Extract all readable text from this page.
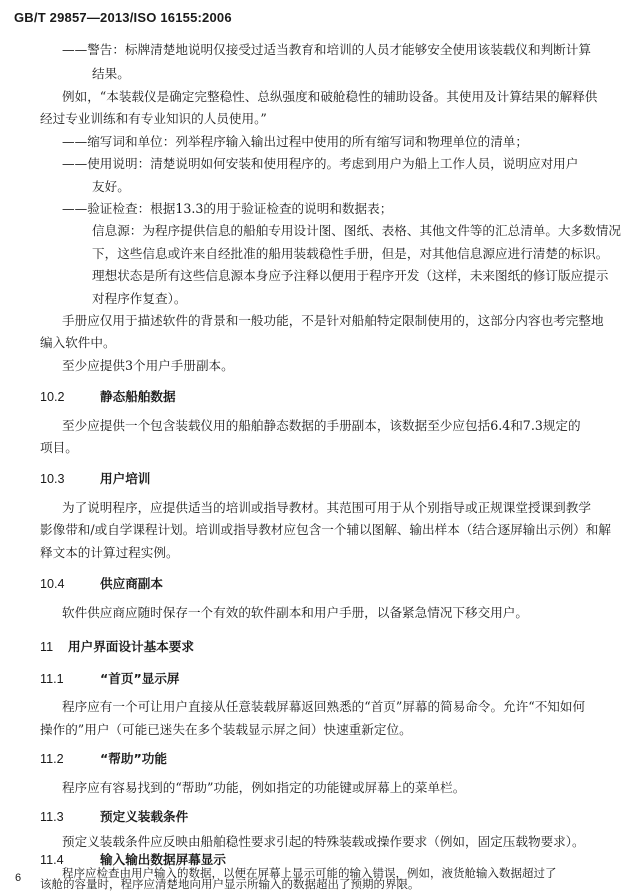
GB/T 29857—2013/ISO 16155:2006
——警告：标牌清楚地说明仅接受过适当教育和培训的人员才能够安全使用该装载仪和判断计算
结果。
例如，“本装载仪是确定完整稳性、总纵强度和破舱稳性的辅助设备。其使用及计算结果的解释供
经过专业训练和有专业知识的人员使用。”
——缩写词和单位：列举程序输入输出过程中使用的所有缩写词和物理单位的清单；
——使用说明：清楚说明如何安装和使用程序的。考虑到用户为船上工作人员，说明应对用户
友好。
——验证检查：根据13.3的用于验证检查的说明和数据表；
信息源：为程序提供信息的船舶专用设计图、图纸、表格、其他文件等的汇总清单。大多数情况
下，这些信息或许来自经批准的船用装载稳性手册，但是，对其他信息源应进行清楚的标识。
理想状态是所有这些信息源本身应予注释以便用于程序开发（这样，未来图纸的修订版应提示
对程序作复查）。
手册应仅用于描述软件的背景和一般功能，不是针对船舶特定限制使用的，这部分内容也考完整地
编入软件中。
至少应提供3个用户手册副本。
10.2	静态船舶数据
至少应提供一个包含装载仪用的船舶静态数据的手册副本，该数据至少应包括6.4和7.3规定的
项目。
10.3	用户培训
为了说明程序，应提供适当的培训或指导教材。其范围可用于从个别指导或正规课堂授课到教学
影像带和/或自学课程计划。培训或指导教材应包含一个辅以图解、输出样本（结合逐屏输出示例）和解
释文本的计算过程实例。
10.4	供应商副本
软件供应商应随时保存一个有效的软件副本和用户手册，以备紧急情况下移交用户。
11 用户界面设计基本要求
11.1	“首页”显示屏
程序应有一个可让用户直接从任意装载屏幕返回熟悉的“首页”屏幕的简易命令。允许“不知如何
操作的”用户（可能已迷失在多个装载显示屏之间）快速重新定位。
11.2	“帮助”功能
程序应有容易找到的“帮助”功能，例如指定的功能键或屏幕上的菜单栏。
11.3	预定义装载条件
预定义装载条件应反映由船舶稳性要求引起的特殊装载或操作要求（例如，固定压载物要求）。
11.4	输入输出数据屏幕显示
程序应检查由用户输入的数据，以便在屏幕上显示可能的输入错误，例如，液货舱输入数据超过了
该舱的容量时，程序应清楚地向用户显示所输入的数据超出了预期的界限。
6
